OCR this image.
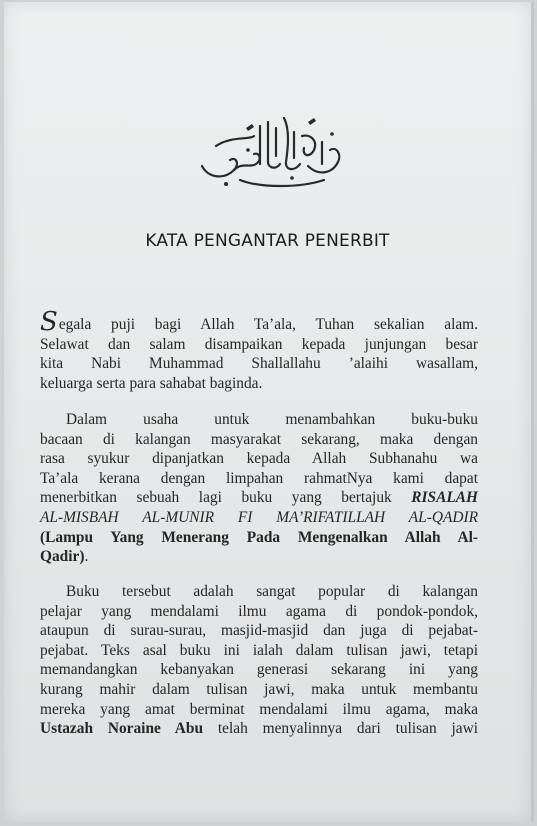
KATA PENGANTAR PENERBIT
Segala puji bagi Allah Ta’ala, Tuhan sekalian alam.
Selawat dan salam disampaikan kepada junjungan besar
kita Nabi Muhammad Shallallahu ’alaihi wasallam,
keluarga serta para sahabat baginda.
Dalam usaha untuk menambahkan buku-buku
bacaan di kalangan masyarakat sekarang, maka dengan
rasa syukur dipanjatkan kepada Allah Subhanahu wa
Ta’ala kerana dengan limpahan rahmatNya kami dapat
menerbitkan sebuah lagi buku yang bertajuk RISALAH
AL-MISBAH AL-MUNIR FI MA’RIFATILLAH AL-QADIR
(Lampu Yang Menerang Pada Mengenalkan Allah Al-
Qadir).
Buku tersebut adalah sangat popular di kalangan
pelajar yang mendalami ilmu agama di pondok-pondok,
ataupun di surau-surau, masjid-masjid dan juga di pejabat-
pejabat. Teks asal buku ini ialah dalam tulisan jawi, tetapi
memandangkan kebanyakan generasi sekarang ini yang
kurang mahir dalam tulisan jawi, maka untuk membantu
mereka yang amat berminat mendalami ilmu agama, maka
Ustazah Noraine Abu telah menyalinnya dari tulisan jawi
